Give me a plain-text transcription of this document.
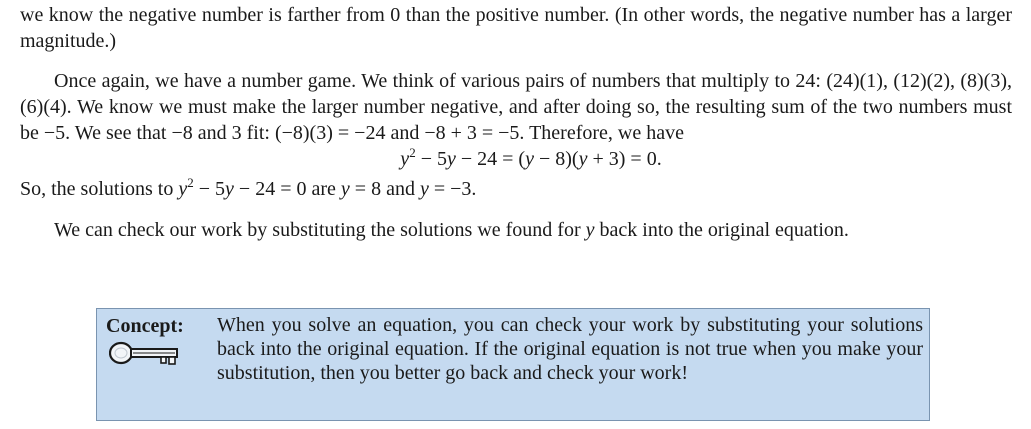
we know the negative number is farther from 0 than the positive number. (In other words, the negative number has a larger magnitude.)

Once again, we have a number game. We think of various pairs of numbers that multiply to 24: (24)(1), (12)(2), (8)(3), (6)(4). We know we must make the larger number negative, and after doing so, the resulting sum of the two numbers must be −5. We see that −8 and 3 fit: (−8)(3) = −24 and −8 + 3 = −5. Therefore, we have

$y^2 - 5y - 24 = (y - 8)(y + 3) = 0$.

So, the solutions to $y^2 - 5y - 24 = 0$ are y = 8 and y = −3.

We can check our work by substituting the solutions we found for y back into the original equation.

Concept: When you solve an equation, you can check your work by substituting your solutions back into the original equation. If the original equation is not true when you make your substitution, then you better go back and check your work!
